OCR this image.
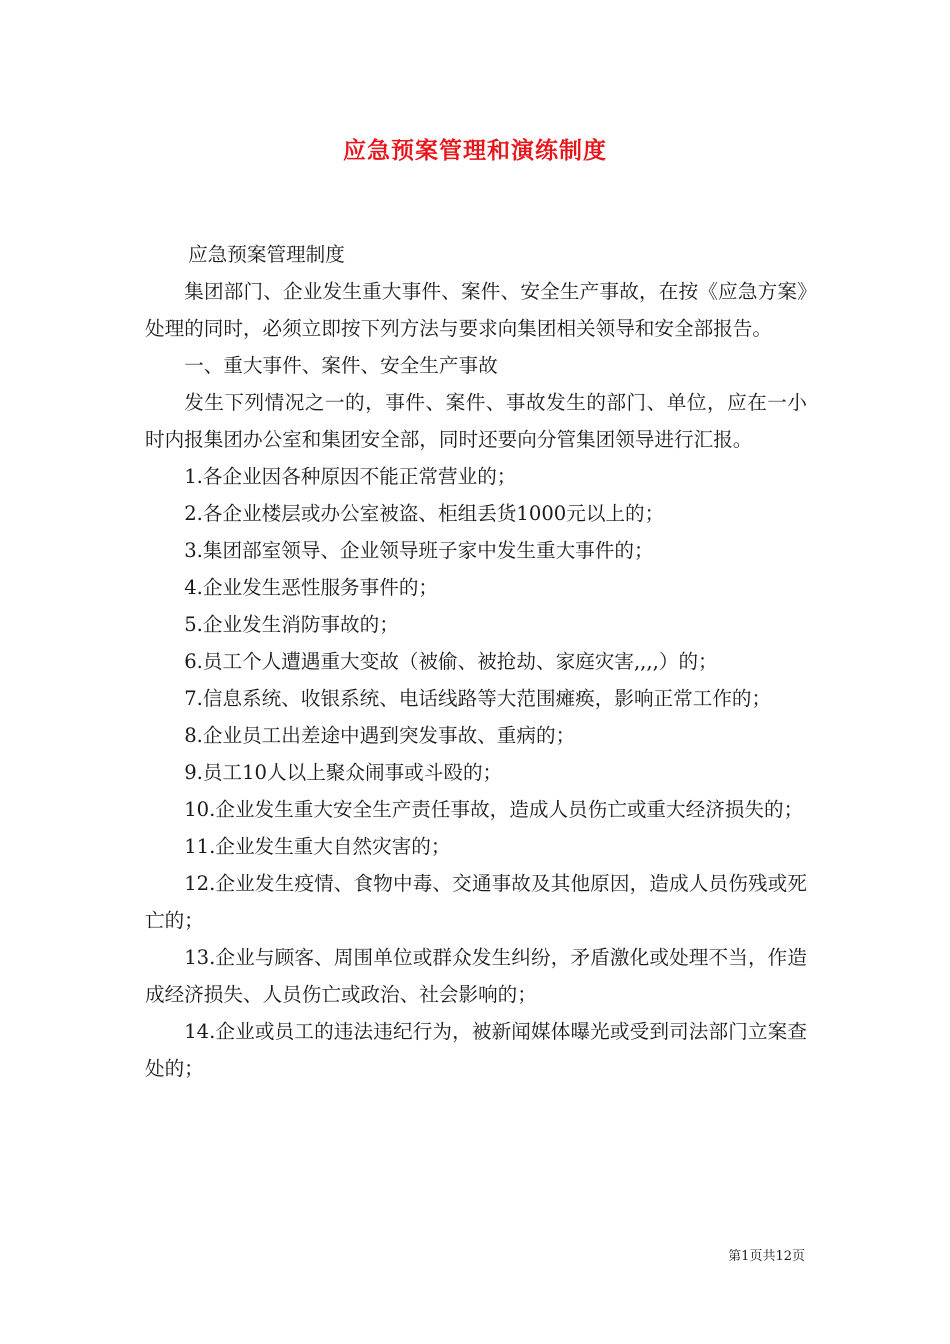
应急预案管理和演练制度

应急预案管理制度

集团部门、企业发生重大事件、案件、安全生产事故，在按《应急方案》处理的同时，必须立即按下列方法与要求向集团相关领导和安全部报告。

一、重大事件、案件、安全生产事故

发生下列情况之一的，事件、案件、事故发生的部门、单位，应在一小时内报集团办公室和集团安全部，同时还要向分管集团领导进行汇报。

1.各企业因各种原因不能正常营业的；

2.各企业楼层或办公室被盗、柜组丢货1000元以上的；

3.集团部室领导、企业领导班子家中发生重大事件的；

4.企业发生恶性服务事件的；

5.企业发生消防事故的；

6.员工个人遭遇重大变故（被偷、被抢劫、家庭灾害,,,,）的；

7.信息系统、收银系统、电话线路等大范围瘫痪，影响正常工作的；

8.企业员工出差途中遇到突发事故、重病的；

9.员工10人以上聚众闹事或斗殴的；

10.企业发生重大安全生产责任事故，造成人员伤亡或重大经济损失的；

11.企业发生重大自然灾害的；

12.企业发生疫情、食物中毒、交通事故及其他原因，造成人员伤残或死亡的；

13.企业与顾客、周围单位或群众发生纠纷，矛盾激化或处理不当，作造成经济损失、人员伤亡或政治、社会影响的；

14.企业或员工的违法违纪行为，被新闻媒体曝光或受到司法部门立案查处的；

第1页共12页
